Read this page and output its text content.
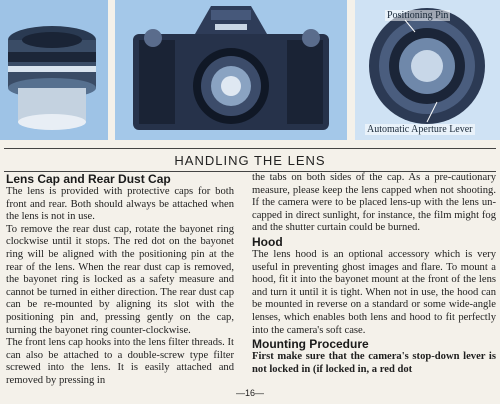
Positioning Pin
Automatic Aperture Lever
HANDLING THE LENS
Lens Cap and Rear Dust Cap

The lens is provided with protective caps for both front and rear. Both should always be attached when the lens is not in use.

To remove the rear dust cap, rotate the bayonet ring clockwise until it stops. The red dot on the bayonet ring will be aligned with the positioning pin at the rear of the lens. When the rear dust cap is removed, the bayonet ring is locked as a safety measure and cannot be turned in either direction. The rear dust cap can be re-mounted by aligning its slot with the positioning pin and, pressing gently on the cap, turning the bayonet ring counter-clockwise.

The front lens cap hooks into the lens filter threads. It can also be attached to a double-screw type filter screwed into the lens. It is easily attached and removed by pressing in

the tabs on both sides of the cap. As a pre-cautionary measure, please keep the lens capped when not shooting. If the camera were to be placed lens-up with the lens un-capped in direct sunlight, for instance, the film might fog and the shutter curtain could be burned.

Hood

The lens hood is an optional accessory which is very useful in preventing ghost images and flare. To mount a hood, fit it into the bayonet mount at the front of the lens and turn it until it is tight. When not in use, the hood can be mounted in reverse on a standard or some wide-angle lenses, which enables both lens and hood to fit perfectly into the camera's soft case.

Mounting Procedure

First make sure that the camera's stop-down lever is not locked in (if locked in, a red dot

—16—
